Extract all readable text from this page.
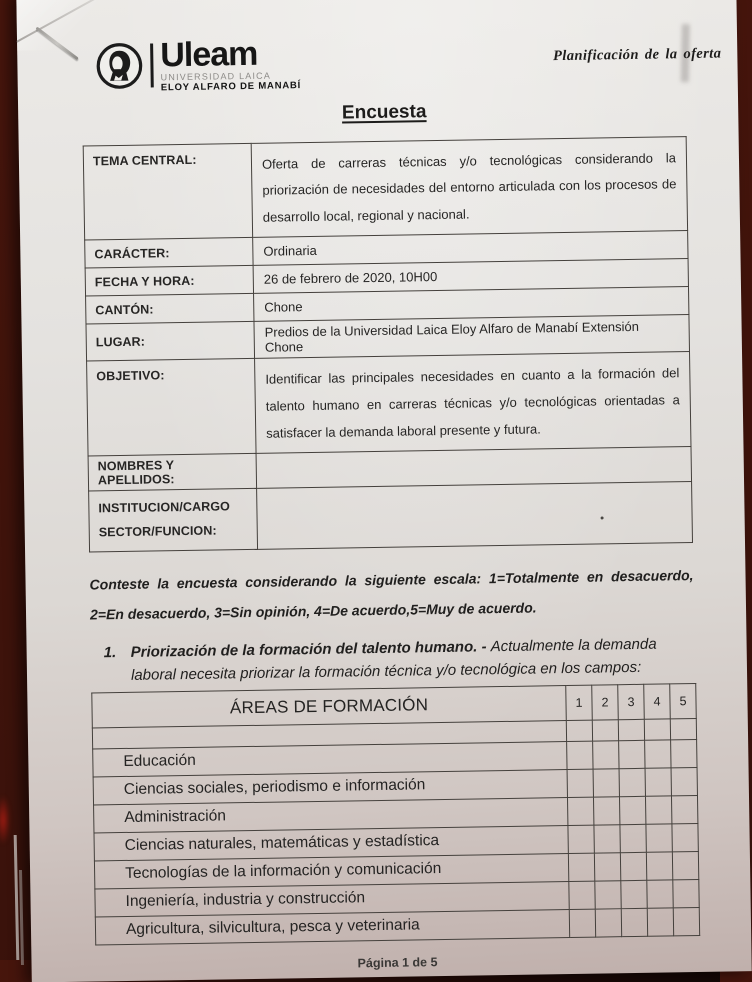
Uleam
UNIVERSIDAD LAICA
ELOY ALFARO DE MANABÍ
Planificación de la oferta
Encuesta
TEMA CENTRAL:	Oferta de carreras técnicas y/o tecnológicas considerando la priorización de necesidades del entorno articulada con los procesos de desarrollo local, regional y nacional.
CARÁCTER:	Ordinaria
FECHA Y HORA:	26 de febrero de 2020, 10H00
CANTÓN:	Chone
LUGAR:	Predios de la Universidad Laica Eloy Alfaro de Manabí Extensión Chone
OBJETIVO:	Identificar las principales necesidades en cuanto a la formación del talento humano en carreras técnicas y/o tecnológicas orientadas a satisfacer la demanda laboral presente y futura.
NOMBRES Y APELLIDOS:	

INSTITUCION/CARGO
SECTOR/FUNCION:	

Conteste la encuesta considerando la siguiente escala: 1=Totalmente en desacuerdo, 2=En desacuerdo, 3=Sin opinión, 4=De acuerdo,5=Muy de acuerdo.

1. Priorización de la formación del talento humano. - Actualmente la demanda laboral necesita priorizar la formación técnica y/o tecnológica en los campos:
ÁREAS DE FORMACIÓN	1	2	3	4	5

Educación					
Ciencias sociales, periodismo e información					
Administración					
Ciencias naturales, matemáticas y estadística					
Tecnologías de la información y comunicación					
Ingeniería, industria y construcción					
Agricultura, silvicultura, pesca y veterinaria					
Página 1 de 5
